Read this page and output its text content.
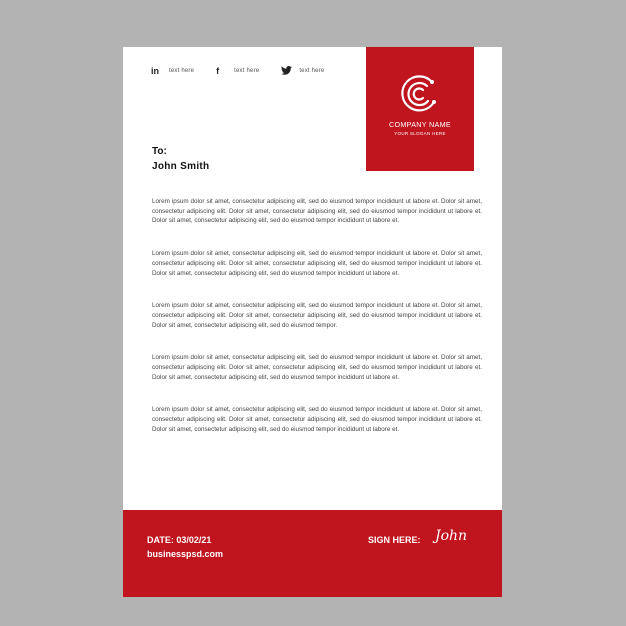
in	text here f	text here	text here
COMPANY NAME
YOUR SLOGAN HERE
To:
John Smith

Lorem ipsum dolor sit amet, consectetur adipiscing elit, sed do eiusmod tempor incididunt ut labore et. Dolor sit amet, consectetur adipiscing elit. Dolor sit amet, consectetur adipiscing elit, sed do eiusmod tempor incididunt ut labore et. Dolor sit amet, consectetur adipiscing elit, sed do eiusmod tempor incididunt ut labore et.

Lorem ipsum dolor sit amet, consectetur adipiscing elit, sed do eiusmod tempor incididunt ut labore et. Dolor sit amet, consectetur adipiscing elit. Dolor sit amet, consectetur adipiscing elit, sed do eiusmod tempor incididunt ut labore et. Dolor sit amet, consectetur adipiscing elit, sed do eiusmod tempor incididunt ut labore et.

Lorem ipsum dolor sit amet, consectetur adipiscing elit, sed do eiusmod tempor incididunt ut labore et. Dolor sit amet, consectetur adipiscing elit. Dolor sit amet, consectetur adipiscing elit, sed do eiusmod tempor incididunt ut labore et. Dolor sit amet, consectetur adipiscing elit, sed do eiusmod tempor.

Lorem ipsum dolor sit amet, consectetur adipiscing elit, sed do eiusmod tempor incididunt ut labore et. Dolor sit amet, consectetur adipiscing elit. Dolor sit amet, consectetur adipiscing elit, sed do eiusmod tempor incididunt ut labore et. Dolor sit amet, consectetur adipiscing elit, sed do eiusmod tempor incididunt ut labore et.

Lorem ipsum dolor sit amet, consectetur adipiscing elit, sed do eiusmod tempor incididunt ut labore et. Dolor sit amet, consectetur adipiscing elit. Dolor sit amet, consectetur adipiscing elit, sed do eiusmod tempor incididunt ut labore et. Dolor sit amet, consectetur adipiscing elit, sed do eiusmod tempor incididunt ut labore et.

DATE: 03/02/21
businesspsd.com
SIGN HERE: John
